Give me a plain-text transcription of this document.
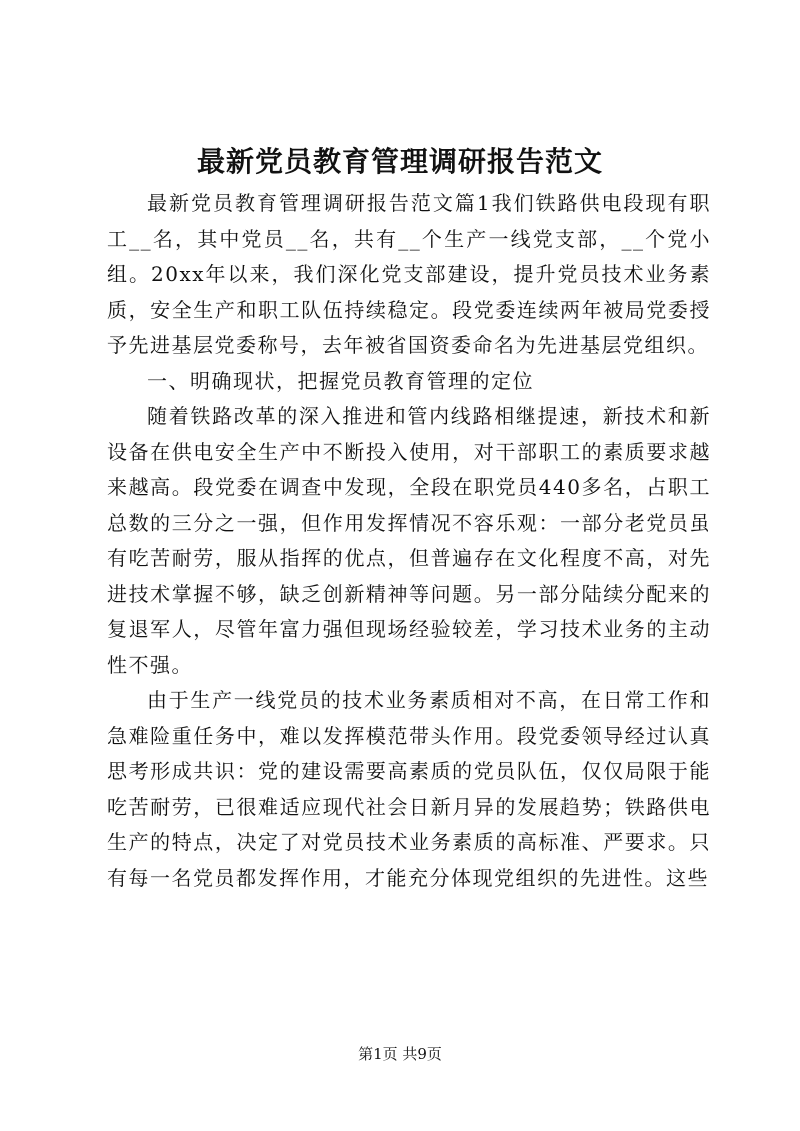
最新党员教育管理调研报告范文

最新党员教育管理调研报告范文篇1我们铁路供电段现有职工__名，其中党员__名，共有__个生产一线党支部，__个党小组。20xx年以来，我们深化党支部建设，提升党员技术业务素质，安全生产和职工队伍持续稳定。段党委连续两年被局党委授予先进基层党委称号，去年被省国资委命名为先进基层党组织。

一、明确现状，把握党员教育管理的定位

随着铁路改革的深入推进和管内线路相继提速，新技术和新设备在供电安全生产中不断投入使用，对干部职工的素质要求越来越高。段党委在调查中发现，全段在职党员440多名，占职工总数的三分之一强，但作用发挥情况不容乐观：一部分老党员虽有吃苦耐劳，服从指挥的优点，但普遍存在文化程度不高，对先进技术掌握不够，缺乏创新精神等问题。另一部分陆续分配来的复退军人，尽管年富力强但现场经验较差，学习技术业务的主动性不强。

由于生产一线党员的技术业务素质相对不高，在日常工作和急难险重任务中，难以发挥模范带头作用。段党委领导经过认真思考形成共识：党的建设需要高素质的党员队伍，仅仅局限于能吃苦耐劳，已很难适应现代社会日新月异的发展趋势；铁路供电生产的特点，决定了对党员技术业务素质的高标准、严要求。只有每一名党员都发挥作用，才能充分体现党组织的先进性。这些

第1页 共9页
